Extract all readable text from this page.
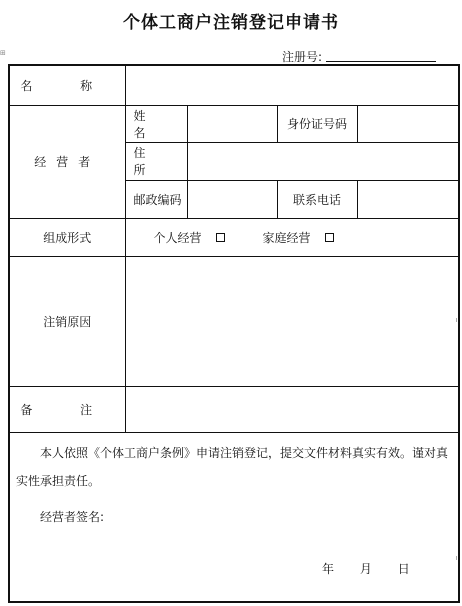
个体工商户注销登记申请书
⊞	注册号:
名 称				
经营者	姓 名		身份证号码	
	住 所			
	邮政编码		联系电话	
组成形式	个人经营 家庭经营			

注销原因				
备 注				

本人依照《个体工商户条例》申请注销登记，提交文件材料真实有效。谨对真实性承担责任。
经营者签名:
年 月 日				
